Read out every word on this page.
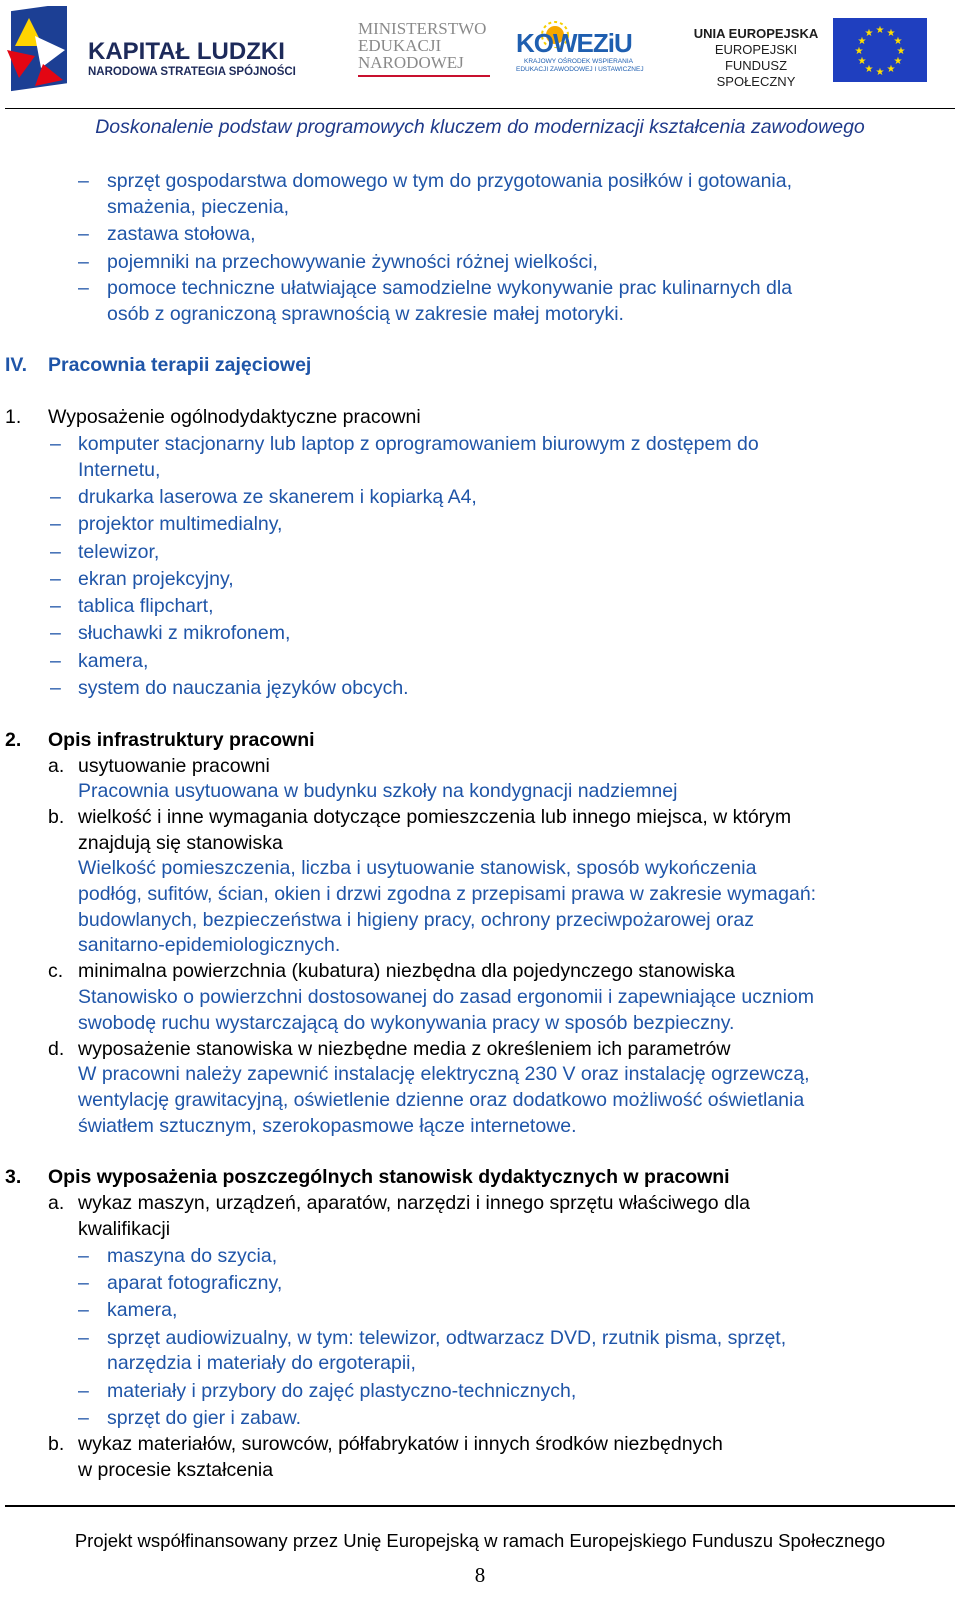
KAPITAŁ LUDZKI
NARODOWA STRATEGIA SPÓJNOŚCI
MINISTERSTWO
EDUKACJI
NARODOWEJ
KOWEZiU
KRAJOWY OŚRODEK WSPIERANIA
EDUKACJI ZAWODOWEJ I USTAWICZNEJ
UNIA EUROPEJSKA
EUROPEJSKI
FUNDUSZ SPOŁECZNY
★ ★
★
★
★
★
★
★
★
★
★
★
Doskonalenie podstaw programowych kluczem do modernizacji kształcenia zawodowego
– sprzęt gospodarstwa domowego w tym do przygotowania posiłków i gotowania,
smażenia, pieczenia,
– zastawa stołowa,
– pojemniki na przechowywanie żywności różnej wielkości,
– pomoce techniczne ułatwiające samodzielne wykonywanie prac kulinarnych dla
osób z ograniczoną sprawnością w zakresie małej motoryki.
IV. Pracownia terapii zajęciowej
1. Wyposażenie ogólnodydaktyczne pracowni
– komputer stacjonarny lub laptop z oprogramowaniem biurowym z dostępem do
Internetu,
– drukarka laserowa ze skanerem i kopiarką A4,
– projektor multimedialny,
– telewizor,
– ekran projekcyjny,
– tablica flipchart,
– słuchawki z mikrofonem,
– kamera,
– system do nauczania języków obcych.
2. Opis infrastruktury pracowni
a. usytuowanie pracowni
Pracownia usytuowana w budynku szkoły na kondygnacji nadziemnej
b. wielkość i inne wymagania dotyczące pomieszczenia lub innego miejsca, w którym
znajdują się stanowiska
Wielkość pomieszczenia, liczba i usytuowanie stanowisk, sposób wykończenia
podłóg, sufitów, ścian, okien i drzwi zgodna z przepisami prawa w zakresie wymagań:
budowlanych, bezpieczeństwa i higieny pracy, ochrony przeciwpożarowej oraz
sanitarno-epidemiologicznych.
c. minimalna powierzchnia (kubatura) niezbędna dla pojedynczego stanowiska
Stanowisko o powierzchni dostosowanej do zasad ergonomii i zapewniające uczniom
swobodę ruchu wystarczającą do wykonywania pracy w sposób bezpieczny.
d. wyposażenie stanowiska w niezbędne media z określeniem ich parametrów
W pracowni należy zapewnić instalację elektryczną 230 V oraz instalację ogrzewczą,
wentylację grawitacyjną, oświetlenie dzienne oraz dodatkowo możliwość oświetlania
światłem sztucznym, szerokopasmowe łącze internetowe.
3. Opis wyposażenia poszczególnych stanowisk dydaktycznych w pracowni
a. wykaz maszyn, urządzeń, aparatów, narzędzi i innego sprzętu właściwego dla
kwalifikacji
– maszyna do szycia,
– aparat fotograficzny,
– kamera,
– sprzęt audiowizualny, w tym: telewizor, odtwarzacz DVD, rzutnik pisma, sprzęt,
narzędzia i materiały do ergoterapii,
– materiały i przybory do zajęć plastyczno-technicznych,
– sprzęt do gier i zabaw.
b. wykaz materiałów, surowców, półfabrykatów i innych środków niezbędnych
w procesie kształcenia
Projekt współfinansowany przez Unię Europejską w ramach Europejskiego Funduszu Społecznego
8
